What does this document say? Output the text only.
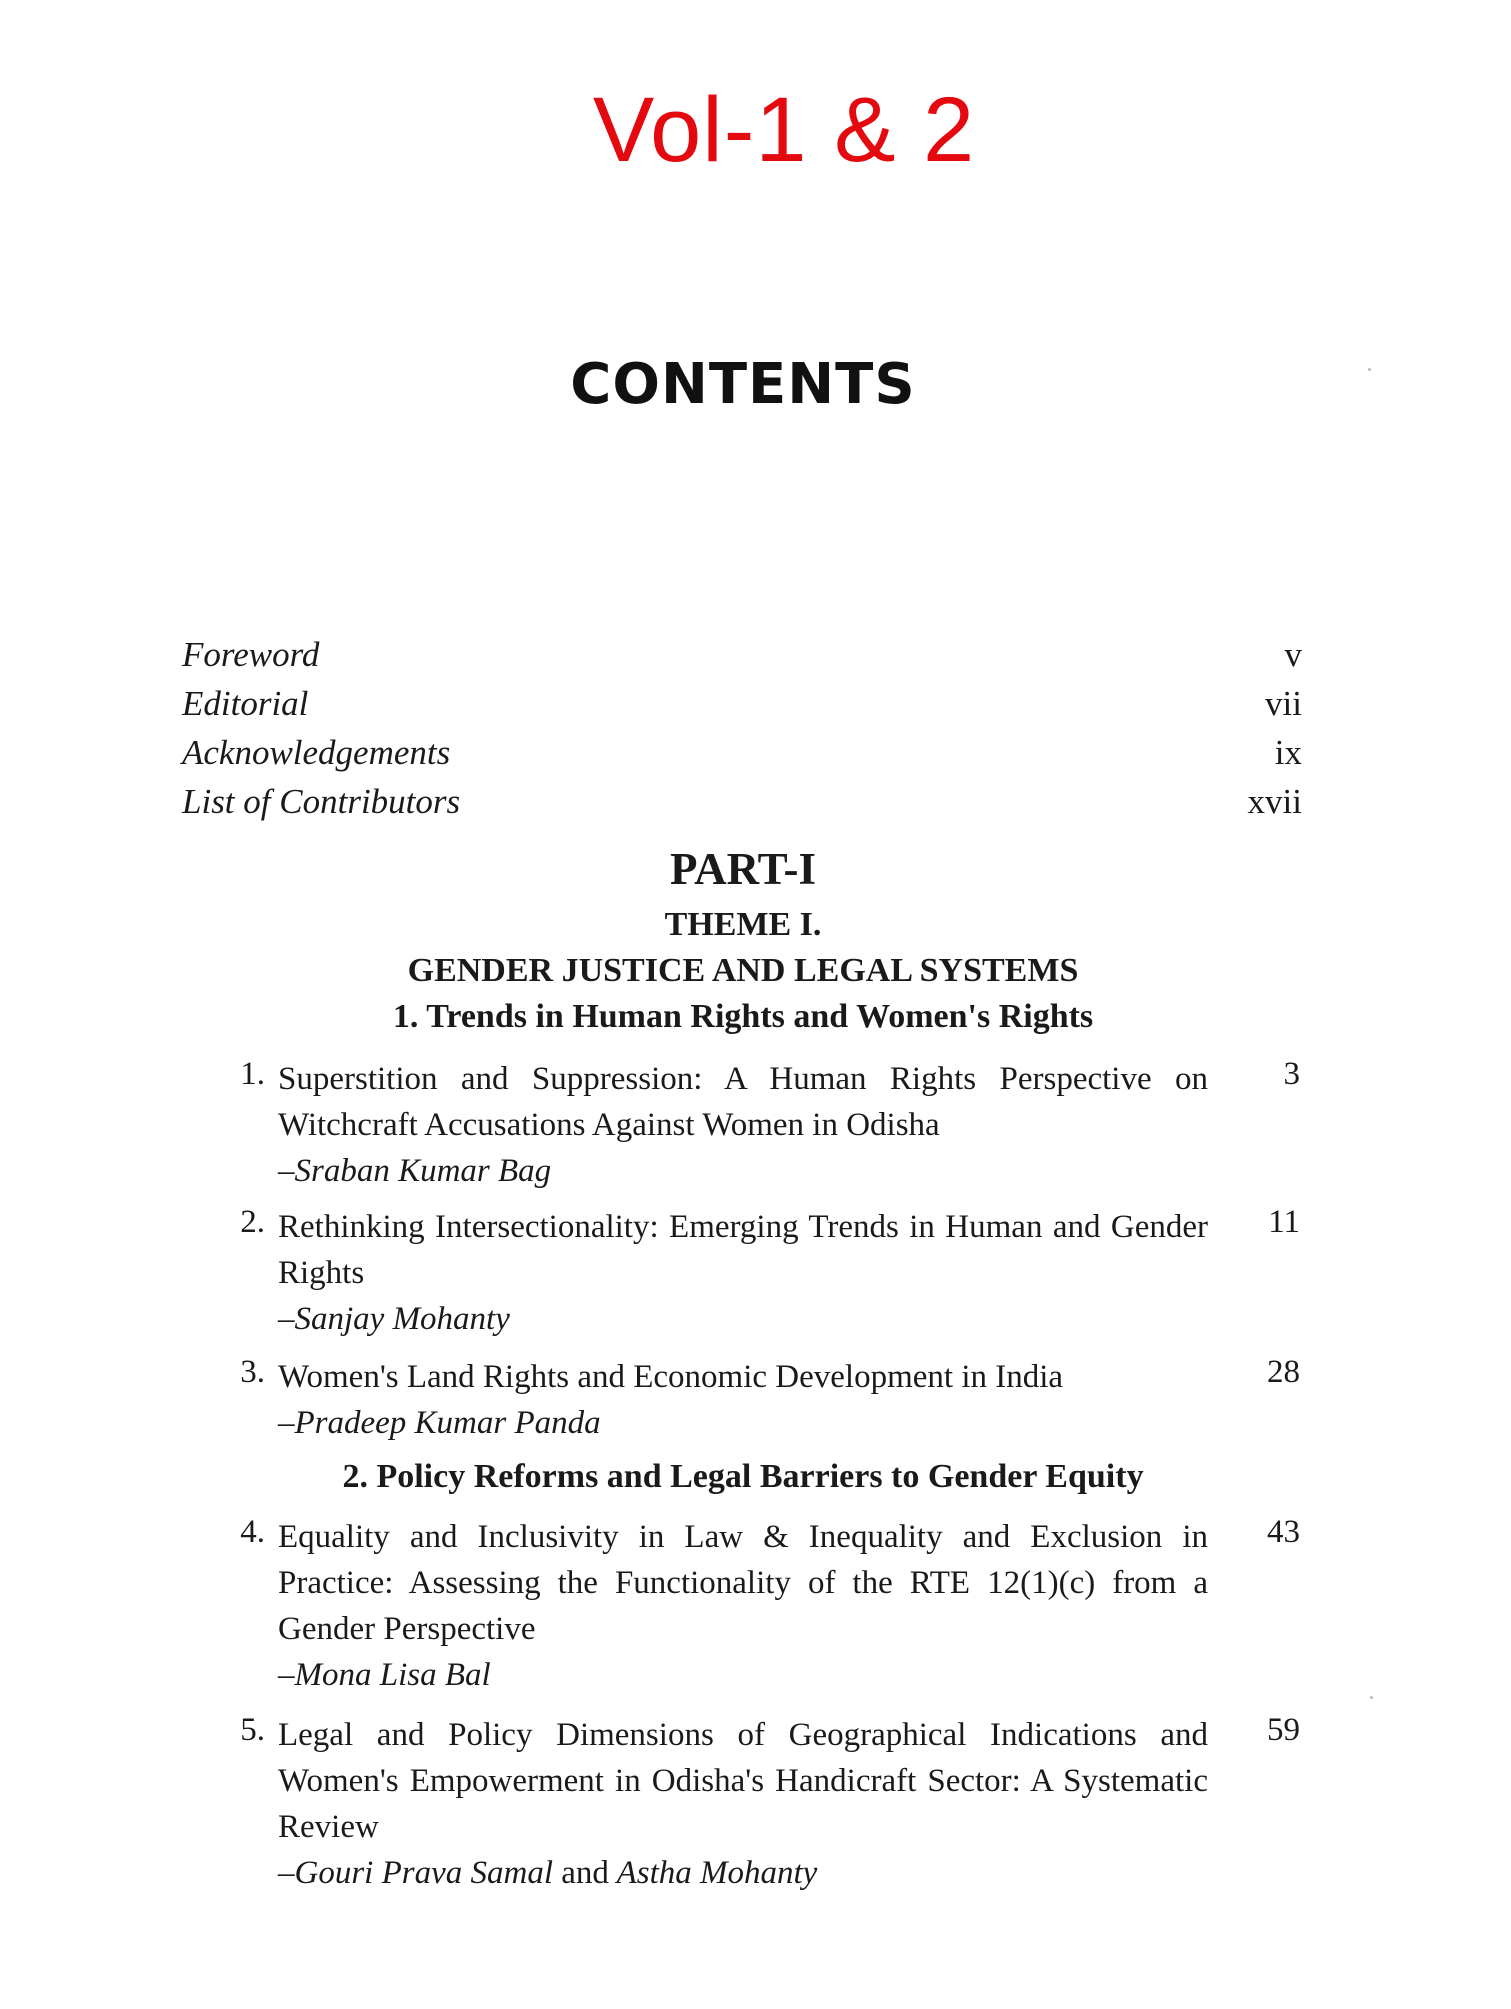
Vol-1 & 2
CONTENTS
Foreword	v
Editorial	vii
Acknowledgements	ix
List of Contributors	xvii
PART-I
THEME I.
GENDER JUSTICE AND LEGAL SYSTEMS
1. Trends in Human Rights and Women's Rights
1. Superstition and Suppression: A Human Rights Perspective on Witchcraft Accusations Against Women in Odisha
–Sraban Kumar Bag
3
2. Rethinking Intersectionality: Emerging Trends in Human and Gender Rights
–Sanjay Mohanty
11
3. Women's Land Rights and Economic Development in India
–Pradeep Kumar Panda
28
2. Policy Reforms and Legal Barriers to Gender Equity
4. Equality and Inclusivity in Law & Inequality and Exclusion in Practice: Assessing the Functionality of the RTE 12(1)(c) from a Gender Perspective
–Mona Lisa Bal
43
5. Legal and Policy Dimensions of Geographical Indications and Women's Empowerment in Odisha's Handicraft Sector: A Systematic Review
–Gouri Prava Samal and Astha Mohanty
59
